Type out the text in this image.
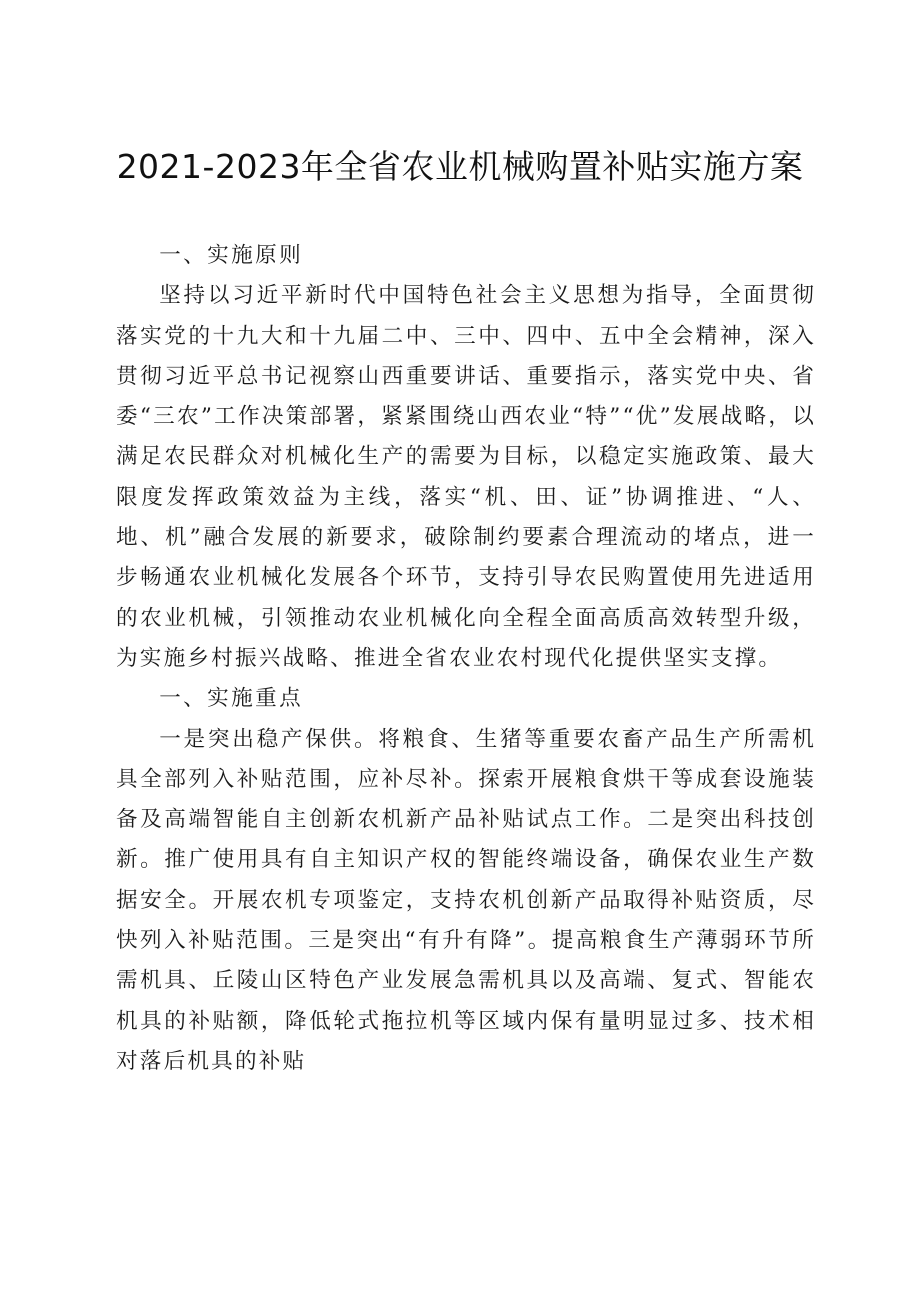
2021-2023年全省农业机械购置补贴实施方案

一、实施原则

坚持以习近平新时代中国特色社会主义思想为指导，全面贯彻落实党的十九大和十九届二中、三中、四中、五中全会精神，深入贯彻习近平总书记视察山西重要讲话、重要指示，落实党中央、省委“三农”工作决策部署，紧紧围绕山西农业“特”“优”发展战略，以满足农民群众对机械化生产的需要为目标，以稳定实施政策、最大限度发挥政策效益为主线，落实“机、田、证”协调推进、“人、地、机”融合发展的新要求，破除制约要素合理流动的堵点，进一步畅通农业机械化发展各个环节，支持引导农民购置使用先进适用的农业机械，引领推动农业机械化向全程全面高质高效转型升级，为实施乡村振兴战略、推进全省农业农村现代化提供坚实支撑。

一、实施重点

一是突出稳产保供。将粮食、生猪等重要农畜产品生产所需机具全部列入补贴范围，应补尽补。探索开展粮食烘干等成套设施装备及高端智能自主创新农机新产品补贴试点工作。二是突出科技创新。推广使用具有自主知识产权的智能终端设备，确保农业生产数据安全。开展农机专项鉴定，支持农机创新产品取得补贴资质，尽快列入补贴范围。三是突出“有升有降”。提高粮食生产薄弱环节所需机具、丘陵山区特色产业发展急需机具以及高端、复式、智能农机具的补贴额，降低轮式拖拉机等区域内保有量明显过多、技术相对落后机具的补贴
